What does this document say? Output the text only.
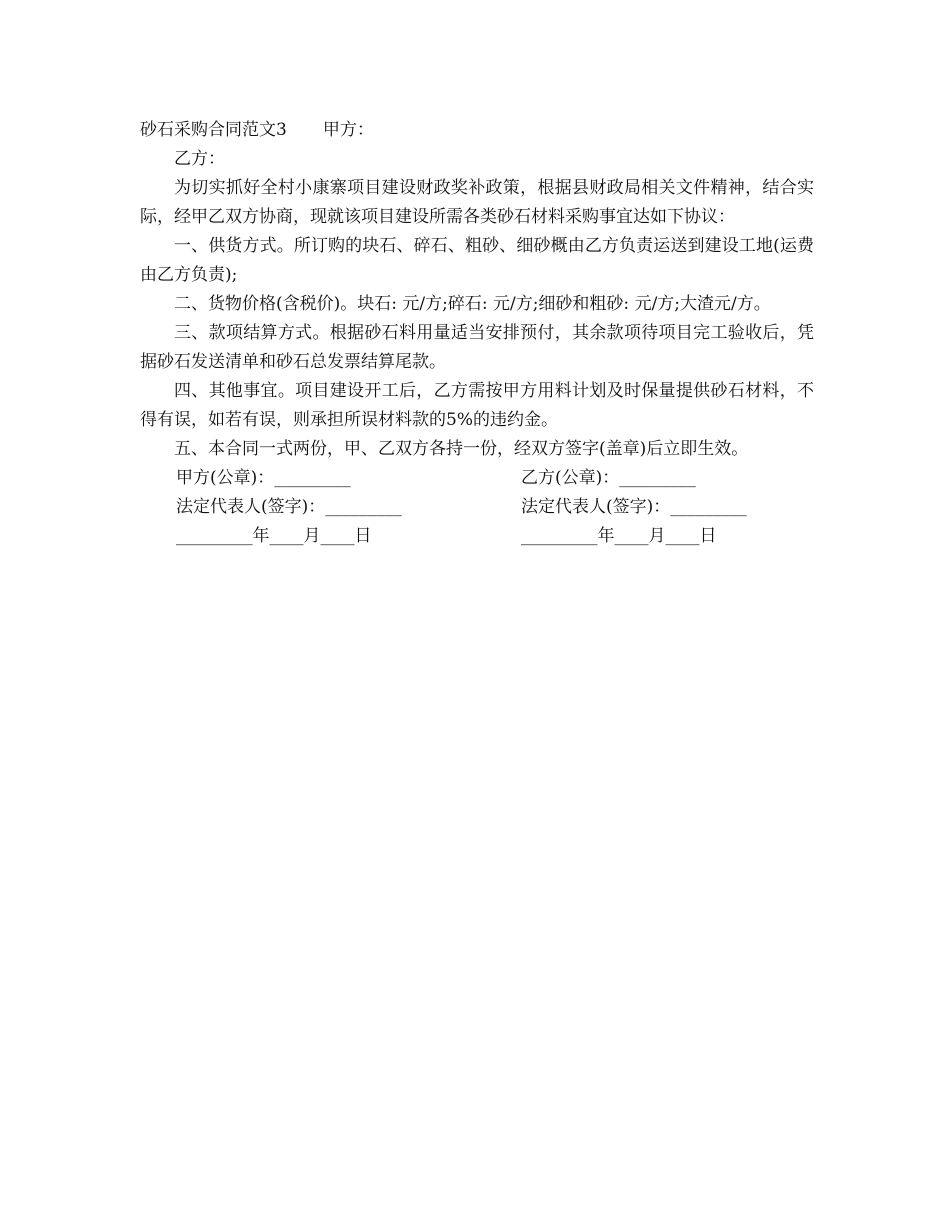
砂石采购合同范文3 甲方：

乙方：

为切实抓好全村小康寨项目建设财政奖补政策，根据县财政局相关文件精神，结合实际，经甲乙双方协商，现就该项目建设所需各类砂石材料采购事宜达如下协议：

一、供货方式。所订购的块石、碎石、粗砂、细砂概由乙方负责运送到建设工地(运费由乙方负责);

二、货物价格(含税价)。块石: 元/方;碎石: 元/方;细砂和粗砂: 元/方;大渣元/方。

三、款项结算方式。根据砂石料用量适当安排预付，其余款项待项目完工验收后，凭据砂石发送清单和砂石总发票结算尾款。

四、其他事宜。项目建设开工后，乙方需按甲方用料计划及时保量提供砂石材料，不得有误，如若有误，则承担所误材料款的5%的违约金。

五、本合同一式两份，甲、乙双方各持一份，经双方签字(盖章)后立即生效。

甲方(公章)：_________	乙方(公章)：_________
法定代表人(签字)：_________	法定代表人(签字)：_________
_________年____月____日	_________年____月____日
